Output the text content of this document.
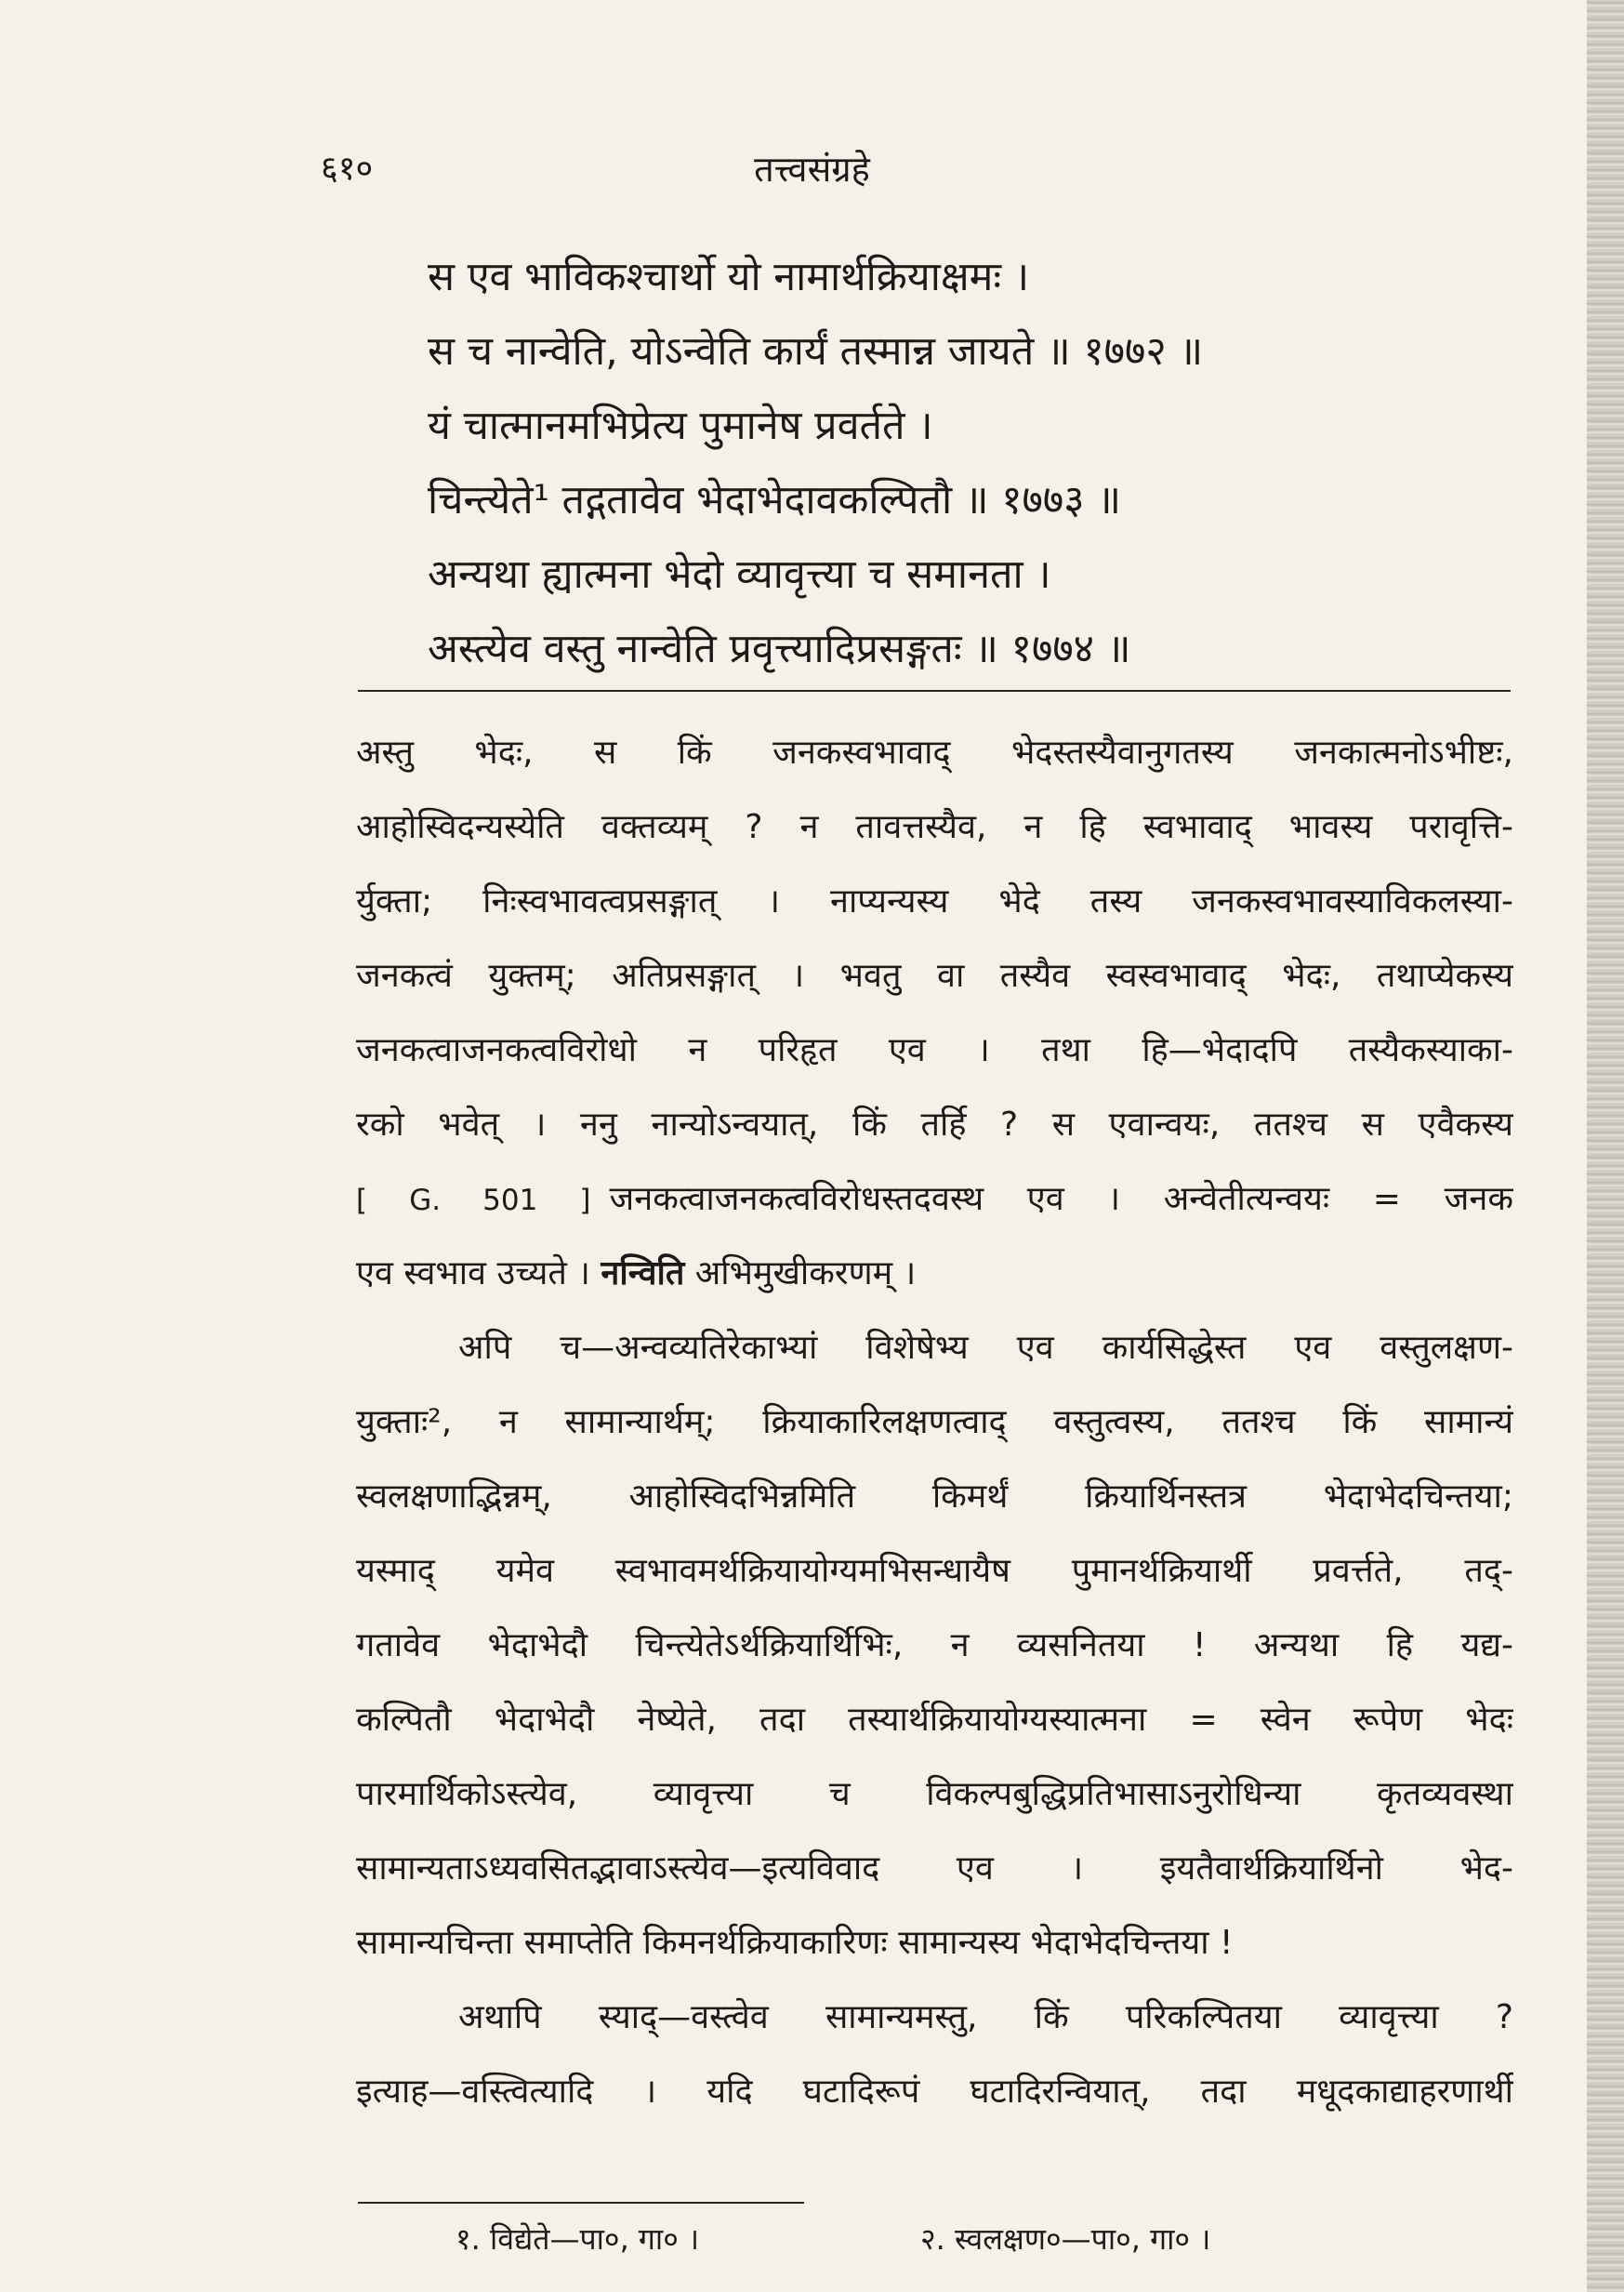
६१०	तत्त्वसंग्रहे
स एव भाविकश्चार्थो यो नामार्थक्रियाक्षमः ।
स च नान्वेति, योऽन्वेति कार्यं तस्मान्न जायते ॥ १७७२ ॥
यं चात्मानमभिप्रेत्य पुमानेष प्रवर्तते ।
चिन्त्येते¹ तद्गतावेव भेदाभेदावकल्पितौ ॥ १७७३ ॥
अन्यथा ह्यात्मना भेदो व्यावृत्त्या च समानता ।
अस्त्येव वस्तु नान्वेति प्रवृत्त्यादिप्रसङ्गतः ॥ १७७४ ॥
अस्तु भेदः, स किं जनकस्वभावाद् भेदस्तस्यैवानुगतस्य जनकात्मनोऽभीष्टः,
आहोस्विदन्यस्येति वक्तव्यम् ? न तावत्तस्यैव, न हि स्वभावाद् भावस्य परावृत्ति-
र्युक्ता; निःस्वभावत्वप्रसङ्गात् । नाप्यन्यस्य भेदे तस्य जनकस्वभावस्याविकलस्या-
जनकत्वं युक्तम्; अतिप्रसङ्गात् । भवतु वा तस्यैव स्वस्वभावाद् भेदः, तथाप्येकस्य
जनकत्वाजनकत्वविरोधो न परिहृत एव । तथा हि—भेदादपि तस्यैकस्याका-
रको भवेत् । ननु नान्योऽन्वयात्, किं तर्हि ? स एवान्वयः, ततश्च स एवैकस्य
[ G. 501 ] जनकत्वाजनकत्वविरोधस्तदवस्थ एव । अन्वेतीत्यन्वयः = जनक
एव स्वभाव उच्यते । नन्विति अभिमुखीकरणम् ।
अपि च—अन्वव्यतिरेकाभ्यां विशेषेभ्य एव कार्यसिद्धेस्त एव वस्तुलक्षण-
युक्ताः², न सामान्यार्थम्; क्रियाकारिलक्षणत्वाद् वस्तुत्वस्य, ततश्च किं सामान्यं
स्वलक्षणाद्भिन्नम्, आहोस्विदभिन्नमिति किमर्थं क्रियार्थिनस्तत्र भेदाभेदचिन्तया;
यस्माद् यमेव स्वभावमर्थक्रियायोग्यमभिसन्धायैष पुमानर्थक्रियार्थी प्रवर्त्तते, तद्-
गतावेव भेदाभेदौ चिन्त्येतेऽर्थक्रियार्थिभिः, न व्यसनितया ! अन्यथा हि यद्य-
कल्पितौ भेदाभेदौ नेष्येते, तदा तस्यार्थक्रियायोग्यस्यात्मना = स्वेन रूपेण भेदः
पारमार्थिकोऽस्त्येव, व्यावृत्त्या च विकल्पबुद्धिप्रतिभासाऽनुरोधिन्या कृतव्यवस्था
सामान्यताऽध्यवसितद्भावाऽस्त्येव—इत्यविवाद एव । इयतैवार्थक्रियार्थिनो भेद-
सामान्यचिन्ता समाप्तेति किमनर्थक्रियाकारिणः सामान्यस्य भेदाभेदचिन्तया !
अथापि स्याद्—वस्त्वेव सामान्यमस्तु, किं परिकल्पितया व्यावृत्त्या ?
इत्याह—वस्त्वित्यादि । यदि घटादिरूपं घटादिरन्वियात्, तदा मधूदकाद्याहरणार्थी
१. विद्येते—पा०, गा० ।	२. स्वलक्षण०—पा०, गा० ।
